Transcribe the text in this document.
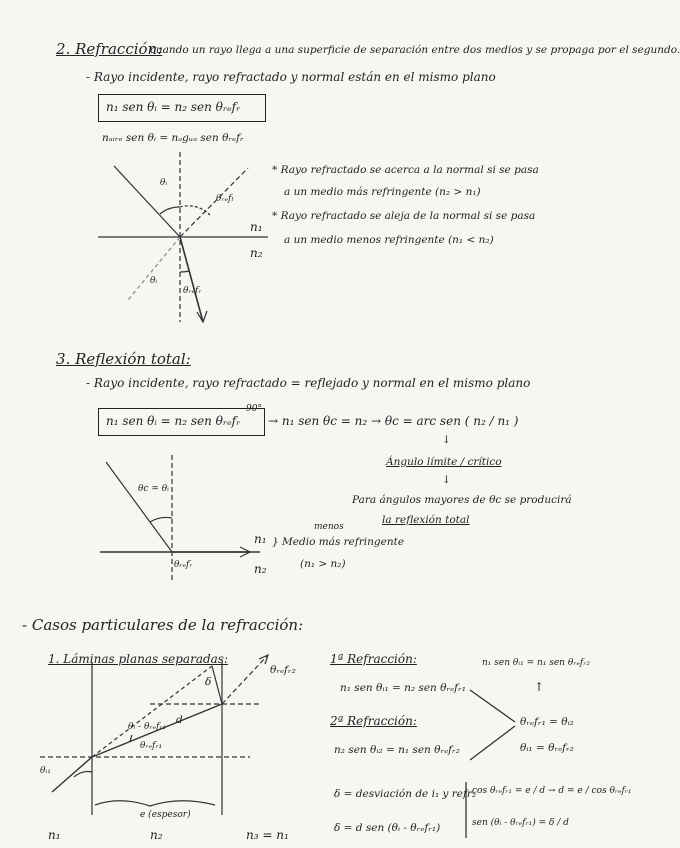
2. Refracción:
cuando un rayo llega a una superficie de separación entre dos medios y se propaga por el segundo.
- Rayo incidente, rayo refractado y normal están en el mismo plano
n₁ sen θᵢ = n₂ sen θᵣₑfᵣ
nₐᵢᵣₑ sen θᵢ = nₐgᵤₐ sen θᵣₑfᵣ
θᵢ
θᵣₑfₗ
θᵢ
θᵣₑfᵣ
n₁
n₂
* Rayo refractado se acerca a la normal si se pasa
a un medio más refringente (n₂ > n₁)
* Rayo refractado se aleja de la normal si se pasa
a un medio menos refringente (n₁ < n₂)
3. Reflexión total:
- Rayo incidente, rayo refractado = reflejado y normal en el mismo plano
n₁ sen θᵢ = n₂ sen θᵣₑfᵣ
90°
→ n₁ sen θc = n₂ → θc = arc sen ( n₂ / n₁ )
↓
Ángulo límite / crítico
↓
Para ángulos mayores de θc se producirá
la reflexión total
θc = θᵢ
θᵣₑfᵣ
n₁
n₂
menos
} Medio más refringente
(n₁ > n₂)
- Casos particulares de la refracción:
1. Láminas planas separadas:
θᵣₑfᵣ₂
δ
d
θᵢ - θᵣₑfᵣ₁
θᵣₑfᵣ₁
θᵢ₁
e (espesor)
n₁	n₂	n₃ = n₁
1ª Refracción:
n₁ sen θᵢ₁ = n₂ sen θᵣₑfᵣ₁
2ª Refracción:
n₂ sen θᵢ₂ = n₁ sen θᵣₑfᵣ₂
n₁ sen θᵢ₁ = n₁ sen θᵣₑfᵣ₂
↑
θᵣₑfᵣ₁ = θᵢ₂
θᵢ₁ = θᵣₑfᵣ₂
δ = desviación de i₁ y refr₂
δ = d sen (θᵢ - θᵣₑfᵣ₁)
cos θᵣₑfᵣ₁ = e / d → d = e / cos θᵣₑfᵣ₁
sen (θᵢ - θᵣₑfᵣ₁) = δ / d
